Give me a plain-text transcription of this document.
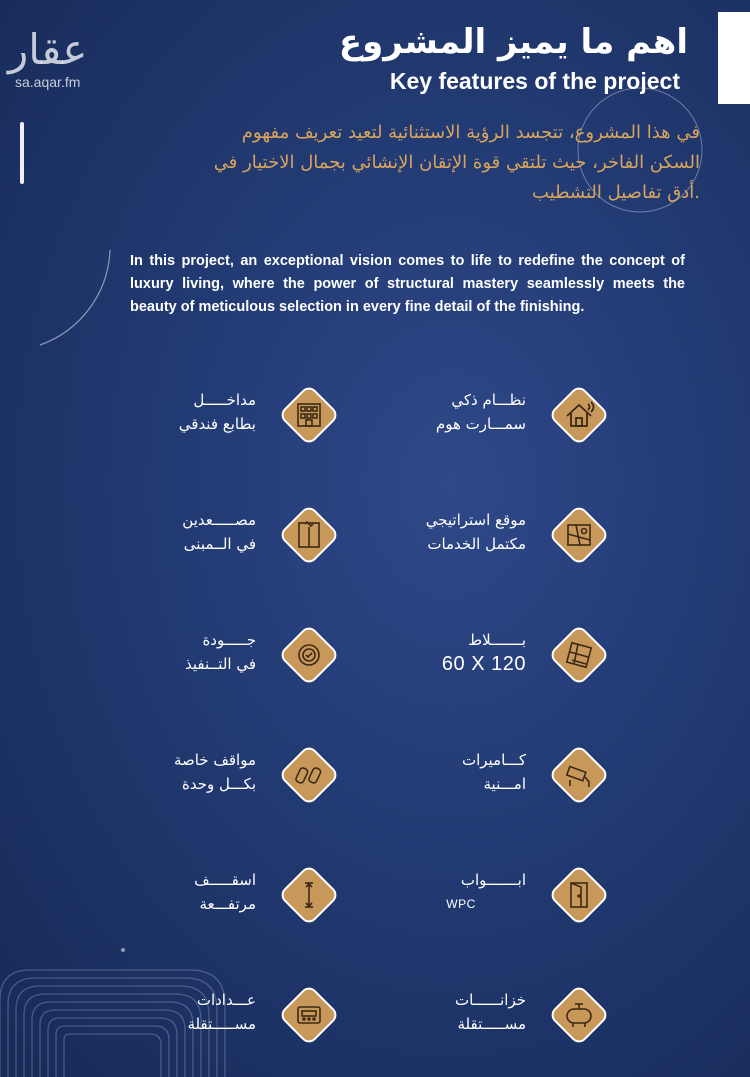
عقار
sa.aqar.fm
اهم ما يميز المشروع
Key features of the project
في هذا المشروع، تتجسد الرؤية الاستثنائية لتعيد تعريف مفهوم
السكن الفاخر، حيث تلتقي قوة الإتقان الإنشائي بجمال الاختيار في
.أدق تفاصيل التشطيب
In this project, an exceptional vision comes to life to redefine the concept of luxury living, where the power of structural mastery seamlessly meets the beauty of meticulous selection in every fine detail of the finishing.
نظـــام ذكي
سمـــارت هوم
مداخـــــل
بطابع فندقي
موقع استراتيجي
مكتمل الخدمات
مصـــــعدين
في الــمبنى
بـــــــلاط
60 X 120
جـــــودة
في التــنفيذ
كـــاميرات
امـــنية
مواقف خاصة
بكـــل وحدة
ابـــــــواب
WPC
اسقـــــف
مرتفـــعة
خزانــــــات
مســـــتقلة
عـــدادات
مســـــتقلة
